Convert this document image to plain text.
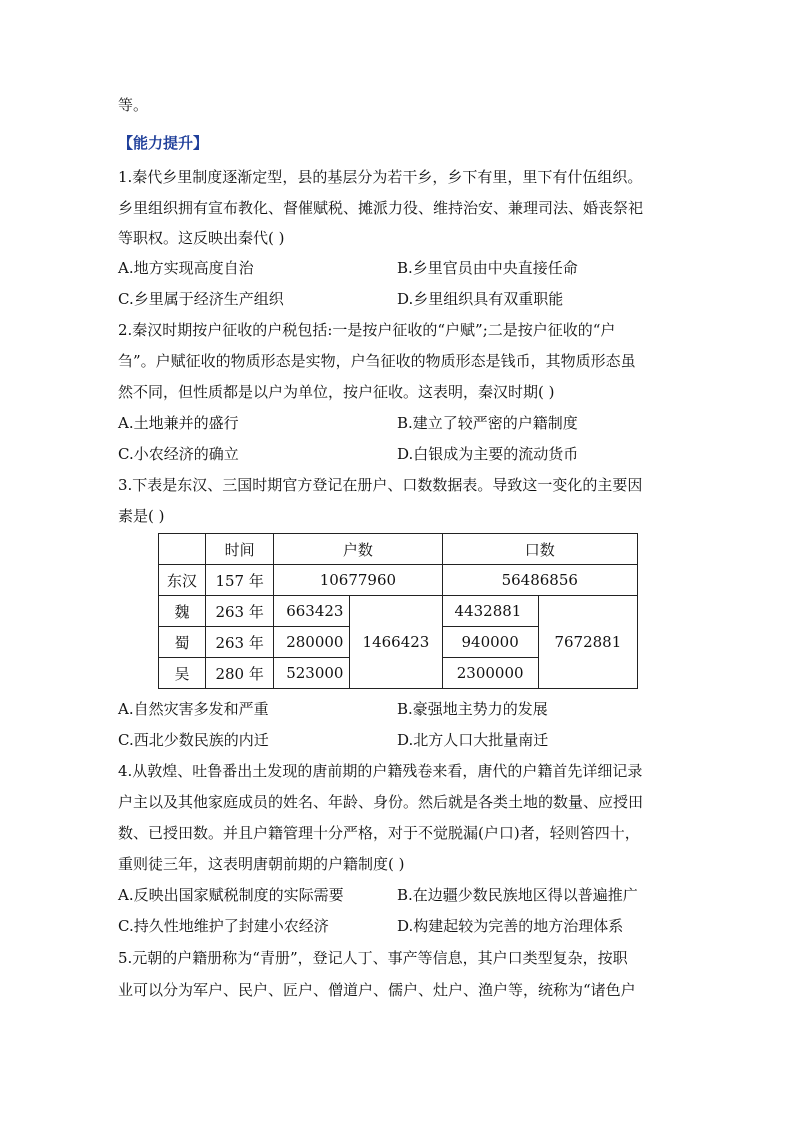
等。
【能力提升】
1.秦代乡里制度逐渐定型，县的基层分为若干乡，乡下有里，里下有什伍组织。
乡里组织拥有宣布教化、督催赋税、摊派力役、维持治安、兼理司法、婚丧祭祀
等职权。这反映出秦代( )
A.地方实现高度自治	B.乡里官员由中央直接任命
C.乡里属于经济生产组织	D.乡里组织具有双重职能
2.秦汉时期按户征收的户税包括:一是按户征收的“户赋”;二是按户征收的“户
刍”。户赋征收的物质形态是实物，户刍征收的物质形态是钱币，其物质形态虽
然不同，但性质都是以户为单位，按户征收。这表明，秦汉时期( )
A.土地兼并的盛行	B.建立了较严密的户籍制度
C.小农经济的确立	D.白银成为主要的流动货币
3.下表是东汉、三国时期官方登记在册户、口数数据表。导致这一变化的主要因
素是( )
	时间	户数		口数	
东汉	157 年	10677960		56486856	
魏	263 年	663423	1466423	4432881	7672881
蜀	263 年	280000		940000	
吴	280 年	523000		2300000	
A.自然灾害多发和严重	B.豪强地主势力的发展
C.西北少数民族的内迁	D.北方人口大批量南迁
4.从敦煌、吐鲁番出土发现的唐前期的户籍残卷来看，唐代的户籍首先详细记录
户主以及其他家庭成员的姓名、年龄、身份。然后就是各类土地的数量、应授田
数、已授田数。并且户籍管理十分严格，对于不觉脱漏(户口)者，轻则笞四十，
重则徒三年，这表明唐朝前期的户籍制度( )
A.反映出国家赋税制度的实际需要	B.在边疆少数民族地区得以普遍推广
C.持久性地维护了封建小农经济	D.构建起较为完善的地方治理体系
5.元朝的户籍册称为“青册”，登记人丁、事产等信息，其户口类型复杂，按职
业可以分为军户、民户、匠户、僧道户、儒户、灶户、渔户等，统称为“诸色户
